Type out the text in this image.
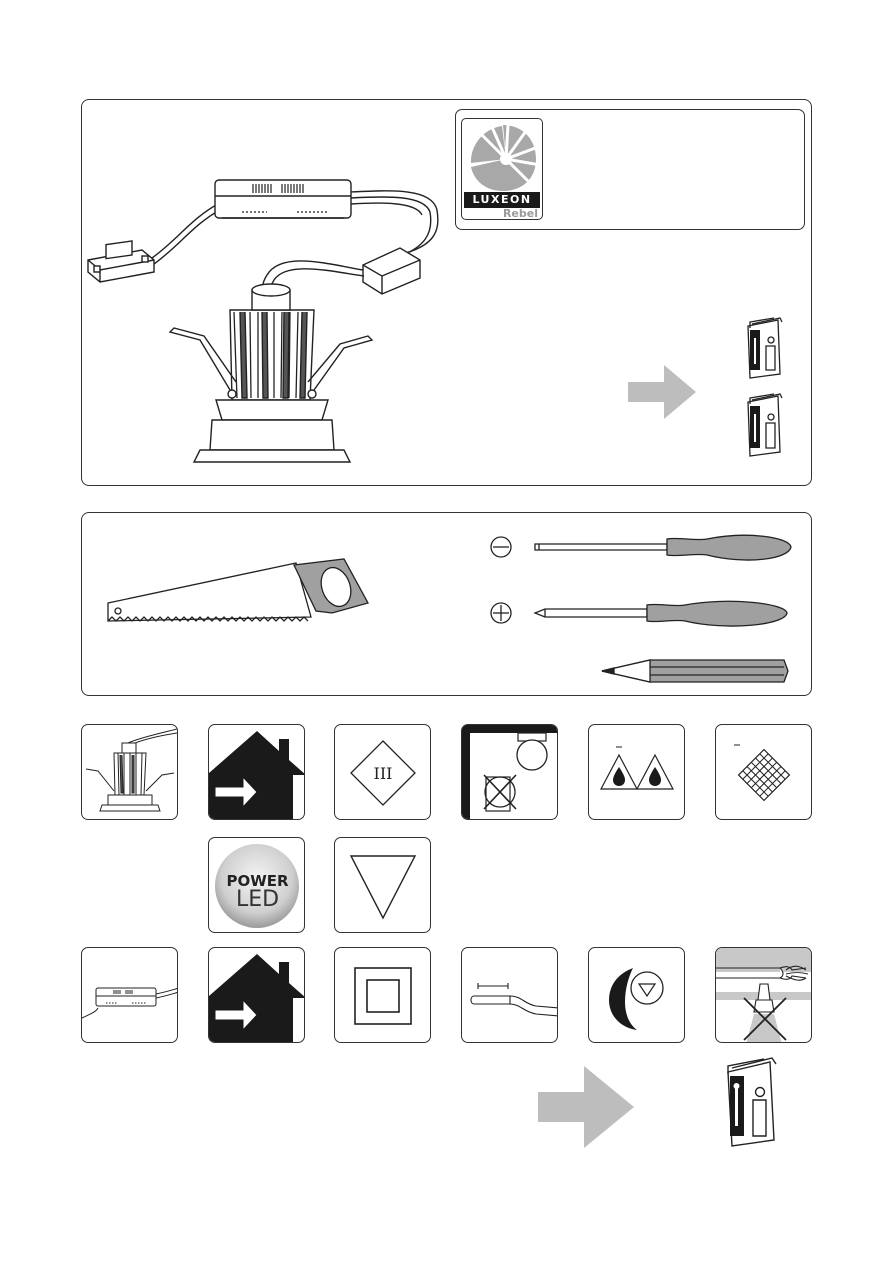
LUXEON
Rebel
III
POWER
LED
